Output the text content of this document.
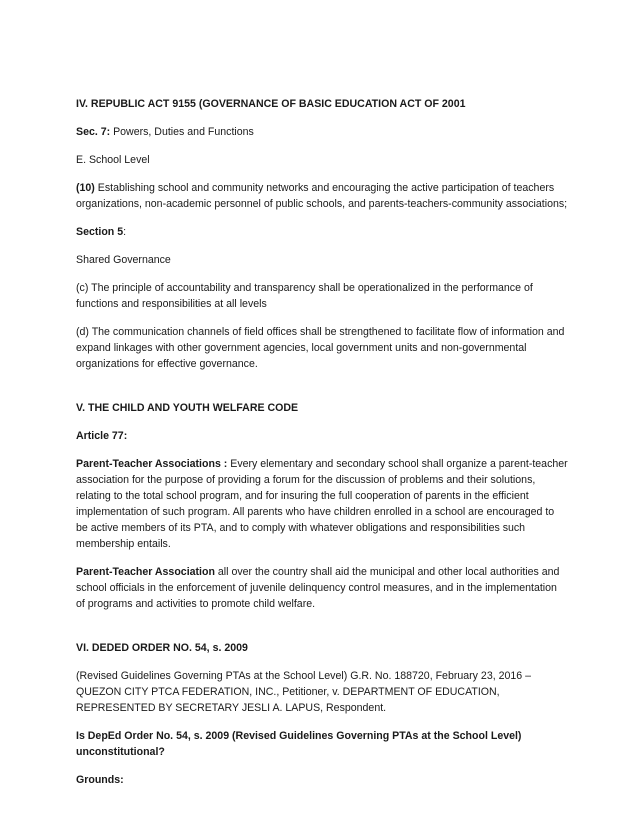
IV. REPUBLIC ACT 9155 (GOVERNANCE OF BASIC EDUCATION ACT OF 2001

Sec. 7: Powers, Duties and Functions

E. School Level

(10) Establishing school and community networks and encouraging the active participation of teachers organizations, non-academic personnel of public schools, and parents-teachers-community associations;

Section 5:

Shared Governance

(c) The principle of accountability and transparency shall be operationalized in the performance of functions and responsibilities at all levels

(d) The communication channels of field offices shall be strengthened to facilitate flow of information and expand linkages with other government agencies, local government units and non-governmental organizations for effective governance.

V. THE CHILD AND YOUTH WELFARE CODE

Article 77:

Parent-Teacher Associations : Every elementary and secondary school shall organize a parent-teacher association for the purpose of providing a forum for the discussion of problems and their solutions, relating to the total school program, and for insuring the full cooperation of parents in the efficient implementation of such program. All parents who have children enrolled in a school are encouraged to be active members of its PTA, and to comply with whatever obligations and responsibilities such membership entails.

Parent-Teacher Association all over the country shall aid the municipal and other local authorities and school officials in the enforcement of juvenile delinquency control measures, and in the implementation of programs and activities to promote child welfare.

VI. DEDED ORDER NO. 54, s. 2009

(Revised Guidelines Governing PTAs at the School Level) G.R. No. 188720, February 23, 2016 – QUEZON CITY PTCA FEDERATION, INC., Petitioner, v. DEPARTMENT OF EDUCATION, REPRESENTED BY SECRETARY JESLI A. LAPUS, Respondent.

Is DepEd Order No. 54, s. 2009 (Revised Guidelines Governing PTAs at the School Level) unconstitutional?

Grounds:
